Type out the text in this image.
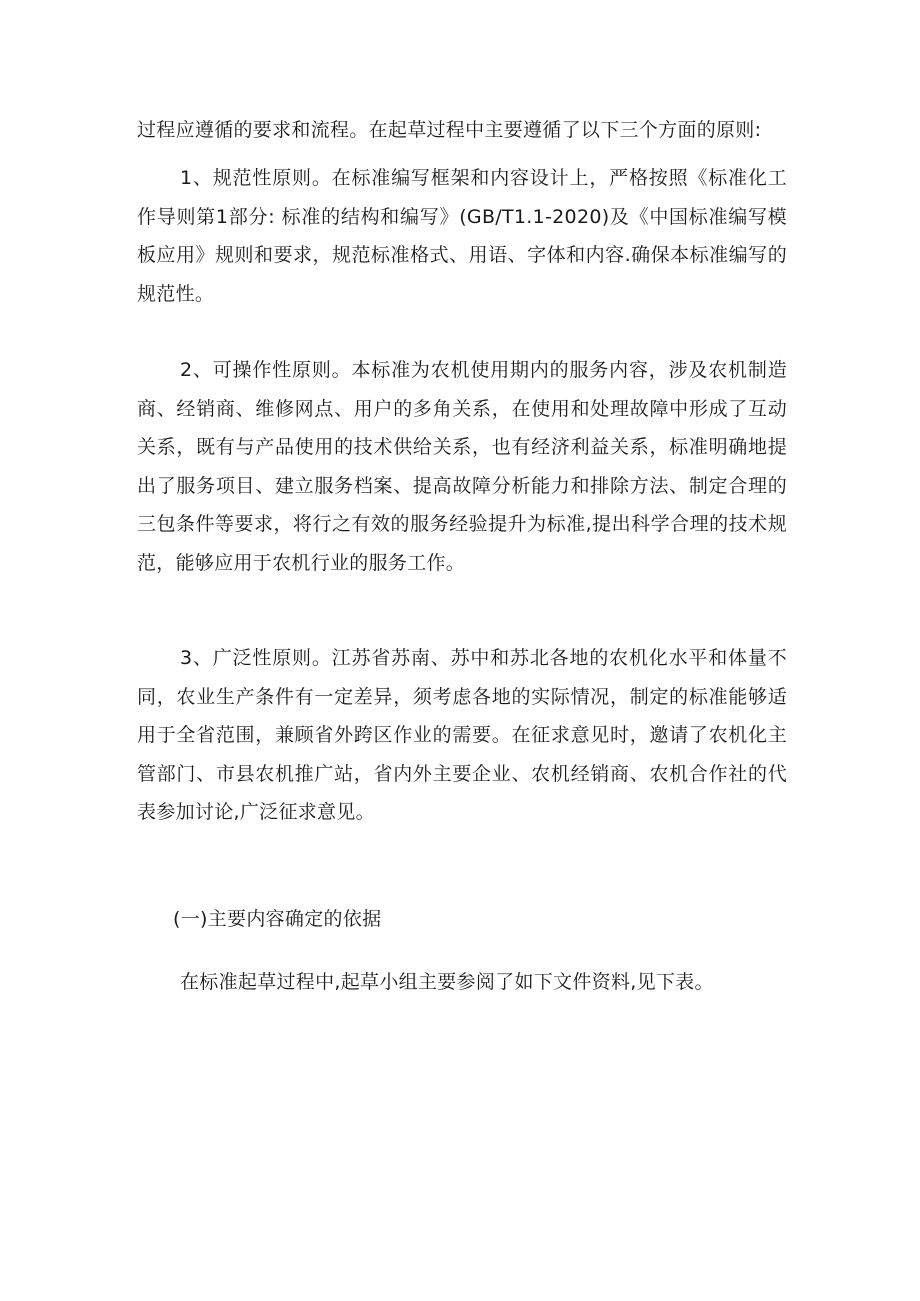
过程应遵循的要求和流程。在起草过程中主要遵循了以下三个方面的原则:

1、规范性原则。在标准编写框架和内容设计上，严格按照《标准化工作导则第1部分: 标准的结构和编写》(GB/T1.1-2020)及《中国标准编写模板应用》规则和要求，规范标准格式、用语、字体和内容.确保本标准编写的规范性。

2、可操作性原则。本标准为农机使用期内的服务内容，涉及农机制造商、经销商、维修网点、用户的多角关系，在使用和处理故障中形成了互动关系，既有与产品使用的技术供给关系，也有经济利益关系，标准明确地提出了服务项目、建立服务档案、提高故障分析能力和排除方法、制定合理的三包条件等要求，将行之有效的服务经验提升为标准,提出科学合理的技术规范，能够应用于农机行业的服务工作。

3、广泛性原则。江苏省苏南、苏中和苏北各地的农机化水平和体量不同，农业生产条件有一定差异，须考虑各地的实际情况，制定的标准能够适用于全省范围，兼顾省外跨区作业的需要。在征求意见时，邀请了农机化主管部门、市县农机推广站，省内外主要企业、农机经销商、农机合作社的代表参加讨论,广泛征求意见。

(一)主要内容确定的依据

在标准起草过程中,起草小组主要参阅了如下文件资料,见下表。
